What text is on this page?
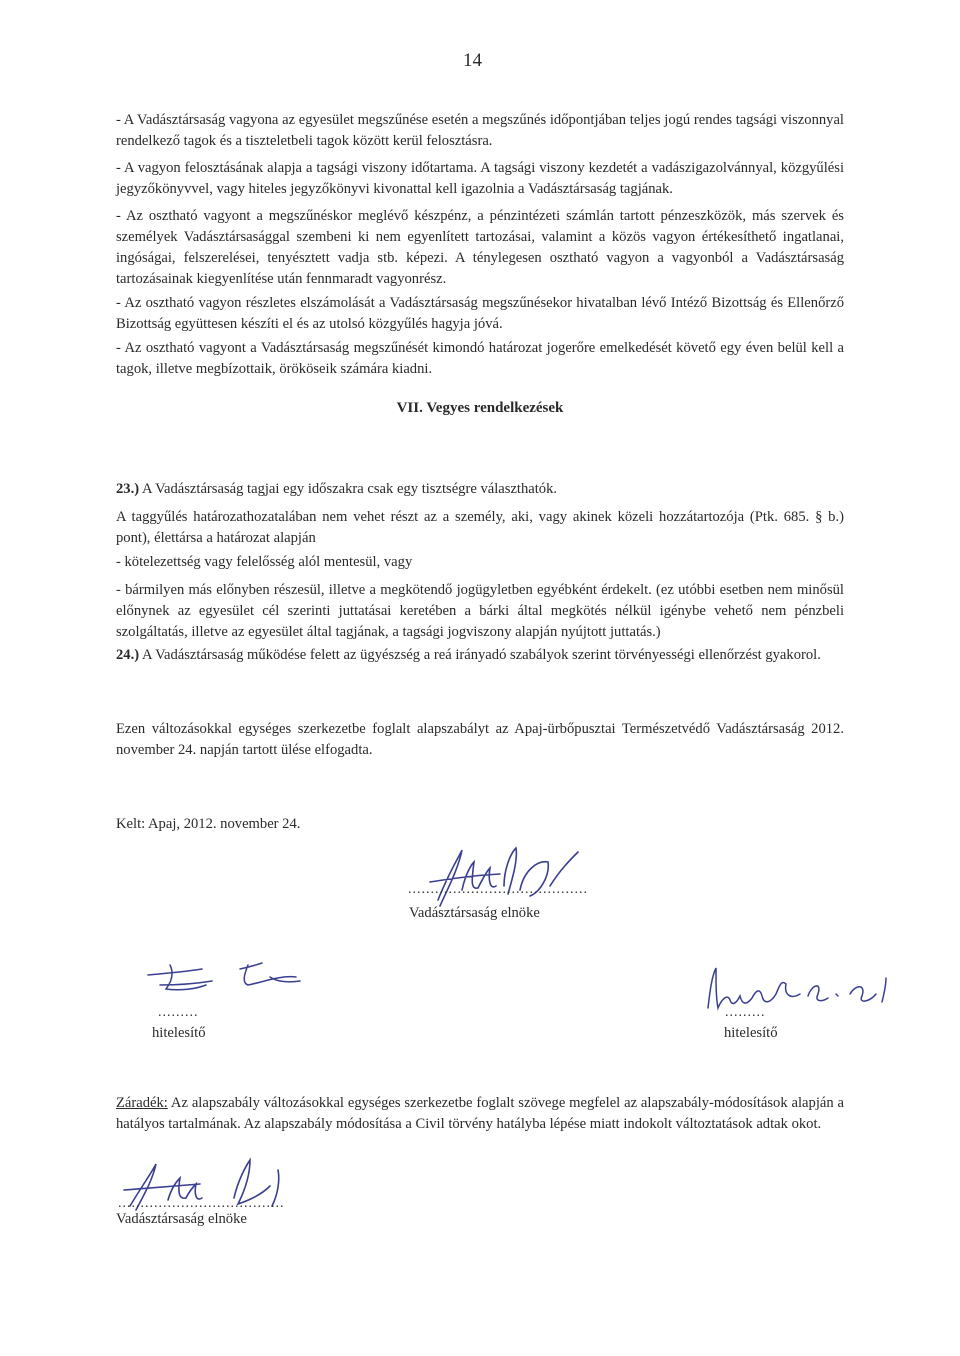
14

- A Vadásztársaság vagyona az egyesület megszűnése esetén a megszűnés időpontjában teljes jogú rendes tagsági viszonnyal rendelkező tagok és a tiszteletbeli tagok között kerül felosztásra.

- A vagyon felosztásának alapja a tagsági viszony időtartama. A tagsági viszony kezdetét a vadászigazolvánnyal, közgyűlési jegyzőkönyvvel, vagy hiteles jegyzőkönyvi kivonattal kell igazolnia a Vadásztársaság tagjának.

- Az osztható vagyont a megszűnéskor meglévő készpénz, a pénzintézeti számlán tartott pénzeszközök, más szervek és személyek Vadásztársasággal szembeni ki nem egyenlített tartozásai, valamint a közös vagyon értékesíthető ingatlanai, ingóságai, felszerelései, tenyésztett vadja stb. képezi. A ténylegesen osztható vagyon a vagyonból a Vadásztársaság tartozásainak kiegyenlítése után fennmaradt vagyonrész.

- Az osztható vagyon részletes elszámolását a Vadásztársaság megszűnésekor hivatalban lévő Intéző Bizottság és Ellenőrző Bizottság együttesen készíti el és az utolsó közgyűlés hagyja jóvá.

- Az osztható vagyont a Vadásztársaság megszűnését kimondó határozat jogerőre emelkedését követő egy éven belül kell a tagok, illetve megbízottaik, örököseik számára kiadni.

VII. Vegyes rendelkezések

23.) A Vadásztársaság tagjai egy időszakra csak egy tisztségre választhatók.

A taggyűlés határozathozatalában nem vehet részt az a személy, aki, vagy akinek közeli hozzátartozója (Ptk. 685. § b.) pont), élettársa a határozat alapján

- kötelezettség vagy felelősség alól mentesül, vagy

- bármilyen más előnyben részesül, illetve a megkötendő jogügyletben egyébként érdekelt. (ez utóbbi esetben nem minősül előnynek az egyesület cél szerinti juttatásai keretében a bárki által megkötés nélkül igénybe vehető nem pénzbeli szolgáltatás, illetve az egyesület által tagjának, a tagsági jogviszony alapján nyújtott juttatás.)

24.) A Vadásztársaság működése felett az ügyészség a reá irányadó szabályok szerint törvényességi ellenőrzést gyakorol.

Ezen változásokkal egységes szerkezetbe foglalt alapszabályt az Apaj-ürbőpusztai Természetvédő Vadásztársaság 2012. november 24. napján tartott ülése elfogadta.

Kelt: Apaj, 2012. november 24.

........................................
Vadásztársaság elnöke
.........
hitelesítő
.........
hitelesítő

Záradék: Az alapszabály változásokkal egységes szerkezetbe foglalt szövege megfelel az alapszabály-módosítások alapján a hatályos tartalmának. Az alapszabály módosítása a Civil törvény hatályba lépése miatt indokolt változtatások adtak okot.

.....................................
Vadásztársaság elnöke
